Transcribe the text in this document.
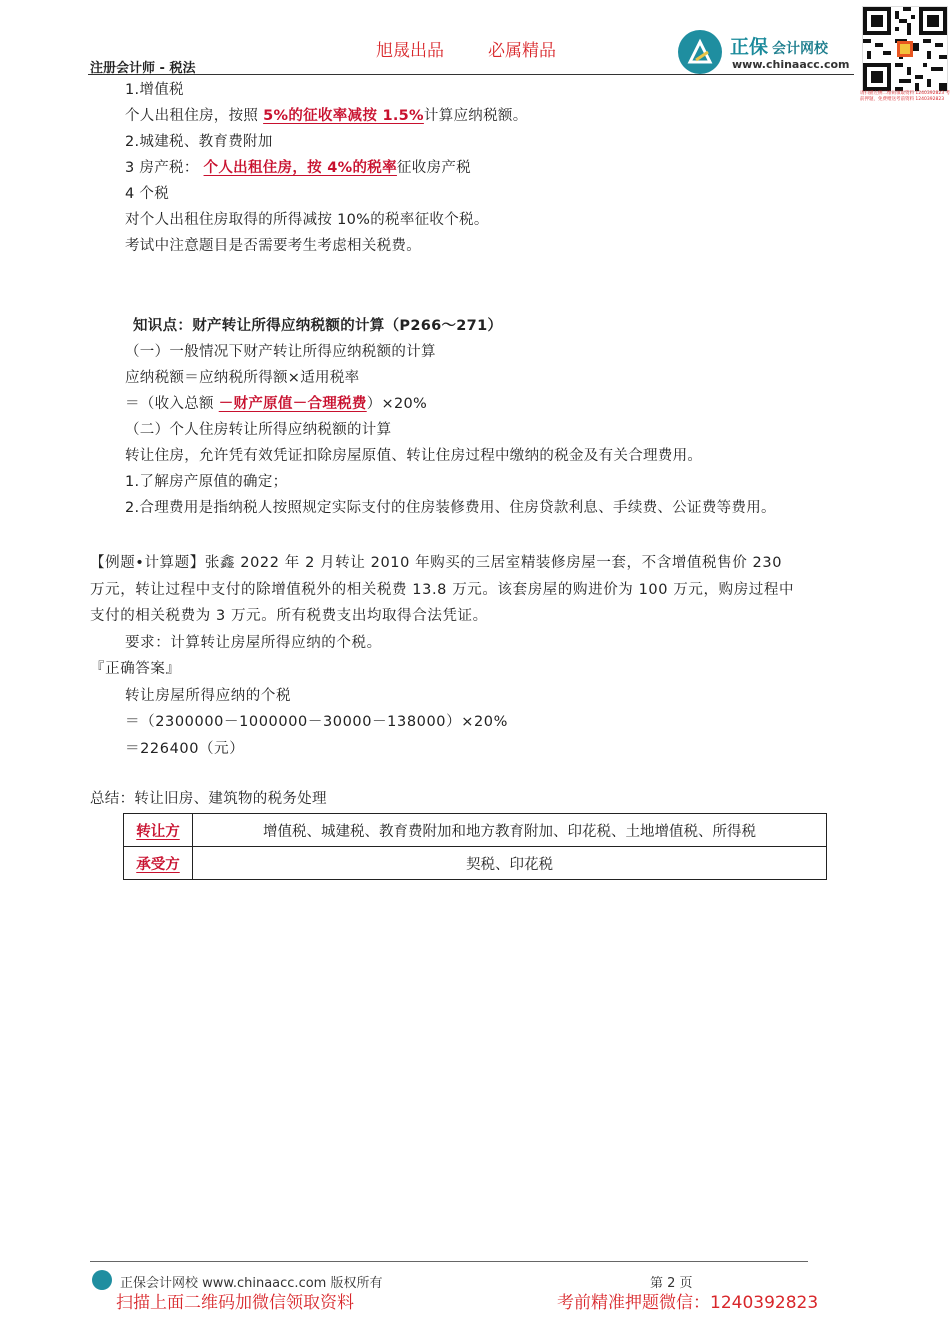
旭晟出品	必属精品
注册会计师 - 税法
正保 会计网校
www.chinaacc.com
请扫描左侧二维码领取资料 1240392823 考前押题，免费赠送考前资料 1240392823
1.增值税
个人出租住房，按照 5%的征收率减按 1.5%计算应纳税额。
2.城建税、教育费附加
3 房产税： 个人出租住房，按 4%的税率征收房产税
4 个税
对个人出租住房取得的所得减按 10%的税率征收个税。
考试中注意题目是否需要考生考虑相关税费。
知识点：财产转让所得应纳税额的计算（P266～271）
（一）一般情况下财产转让所得应纳税额的计算
应纳税额＝应纳税所得额×适用税率
＝（收入总额 －财产原值－合理税费）×20%
（二）个人住房转让所得应纳税额的计算
转让住房，允许凭有效凭证扣除房屋原值、转让住房过程中缴纳的税金及有关合理费用。
1.了解房产原值的确定；
2.合理费用是指纳税人按照规定实际支付的住房装修费用、住房贷款利息、手续费、公证费等费用。
【例题•计算题】张鑫 2022 年 2 月转让 2010 年购买的三居室精装修房屋一套，不含增值税售价 230
万元，转让过程中支付的除增值税外的相关税费 13.8 万元。该套房屋的购进价为 100 万元，购房过程中
支付的相关税费为 3 万元。所有税费支出均取得合法凭证。
要求：计算转让房屋所得应纳的个税。
『正确答案』
转让房屋所得应纳的个税
＝（2300000－1000000－30000－138000）×20%
＝226400（元）
总结：转让旧房、建筑物的税务处理
转让方	增值税、城建税、教育费附加和地方教育附加、印花税、土地增值税、所得税
承受方	契税、印花税
正保会计网校 www.chinaacc.com 版权所有	第 2 页
扫描上面二维码加微信领取资料	考前精准押题微信：1240392823
